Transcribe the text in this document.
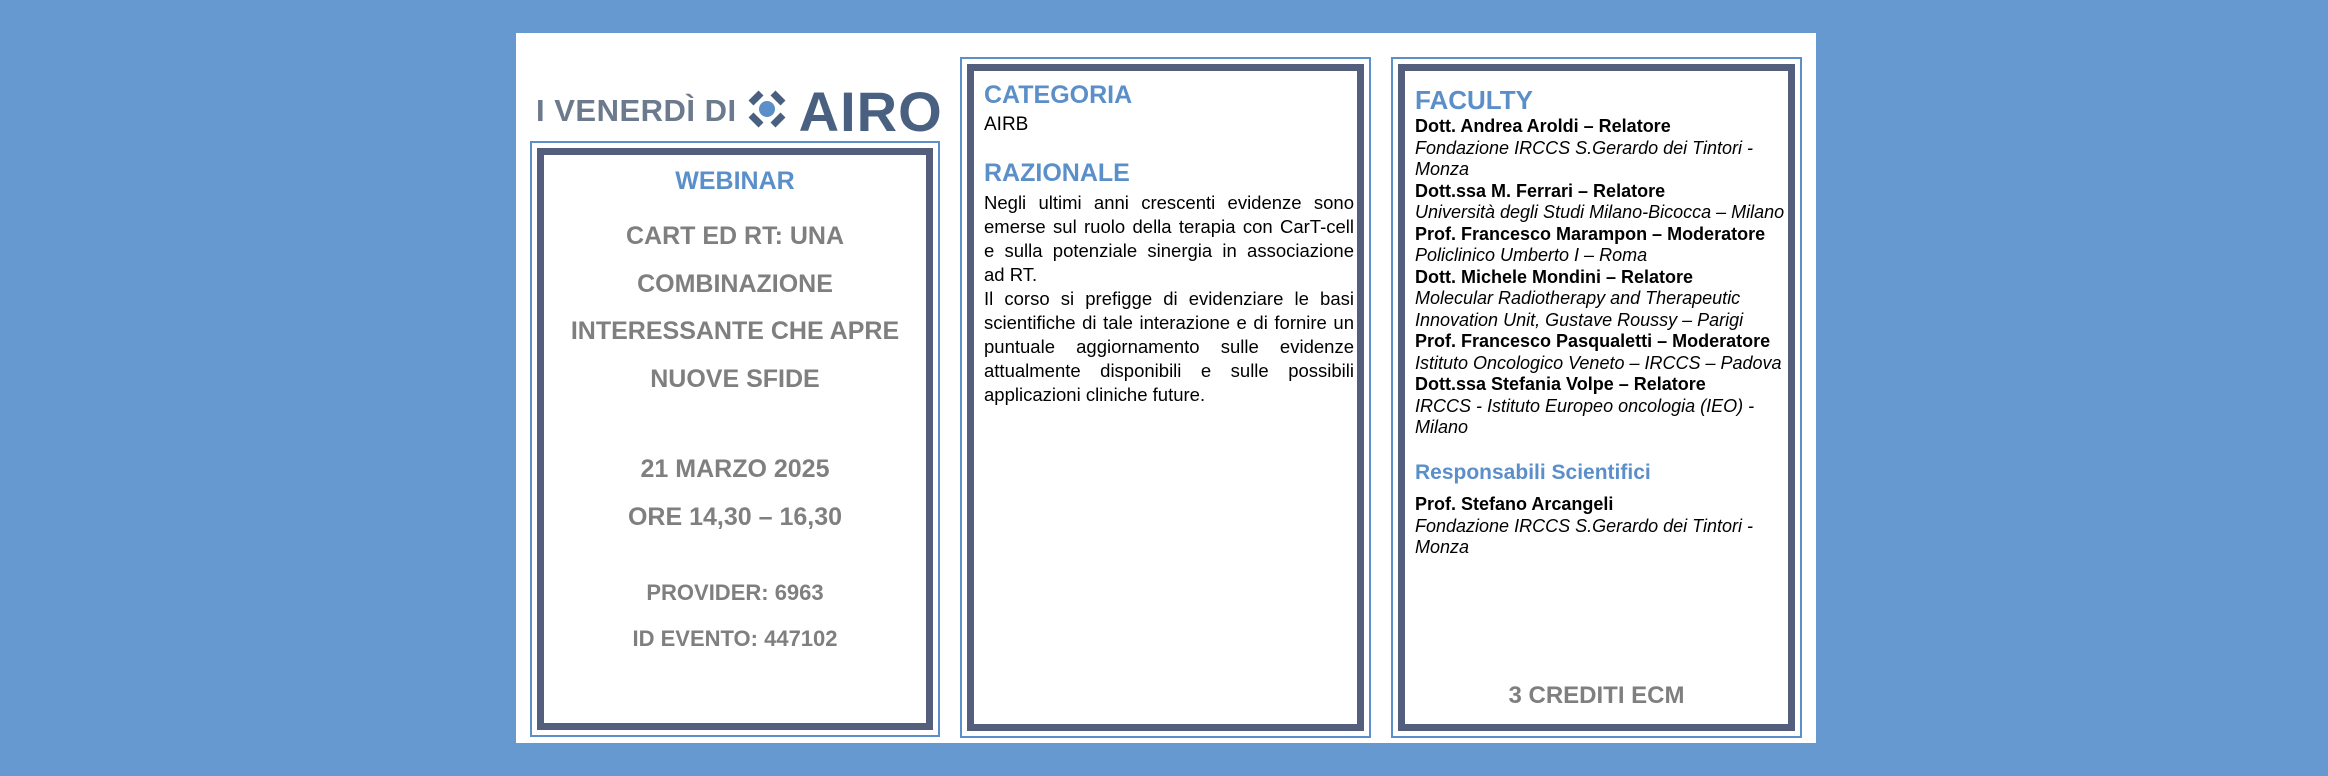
I VENERDÌ DI AIRO
WEBINAR
CART ED RT: UNA
COMBINAZIONE
INTERESSANTE CHE APRE
NUOVE SFIDE
21 MARZO 2025
ORE 14,30 – 16,30
PROVIDER: 6963
ID EVENTO: 447102
CATEGORIA
AIRB
RAZIONALE
Negli ultimi anni crescenti evidenze sono emerse sul ruolo della terapia con CarT-cell e sulla potenziale sinergia in associazione ad RT.
Il corso si prefigge di evidenziare le basi scientifiche di tale interazione e di fornire un puntuale aggiornamento sulle evidenze attualmente disponibili e sulle possibili applicazioni cliniche future.
FACULTY
Dott. Andrea Aroldi – Relatore
Fondazione IRCCS S.Gerardo dei Tintori - Monza
Dott.ssa M. Ferrari – Relatore
Università degli Studi Milano-Bicocca – Milano
Prof. Francesco Marampon – Moderatore
Policlinico Umberto I – Roma
Dott. Michele Mondini – Relatore
Molecular Radiotherapy and Therapeutic Innovation Unit, Gustave Roussy – Parigi
Prof. Francesco Pasqualetti – Moderatore
Istituto Oncologico Veneto – IRCCS – Padova
Dott.ssa Stefania Volpe – Relatore
IRCCS - Istituto Europeo oncologia (IEO) - Milano
Responsabili Scientifici
Prof. Stefano Arcangeli
Fondazione IRCCS S.Gerardo dei Tintori - Monza
3 CREDITI ECM
